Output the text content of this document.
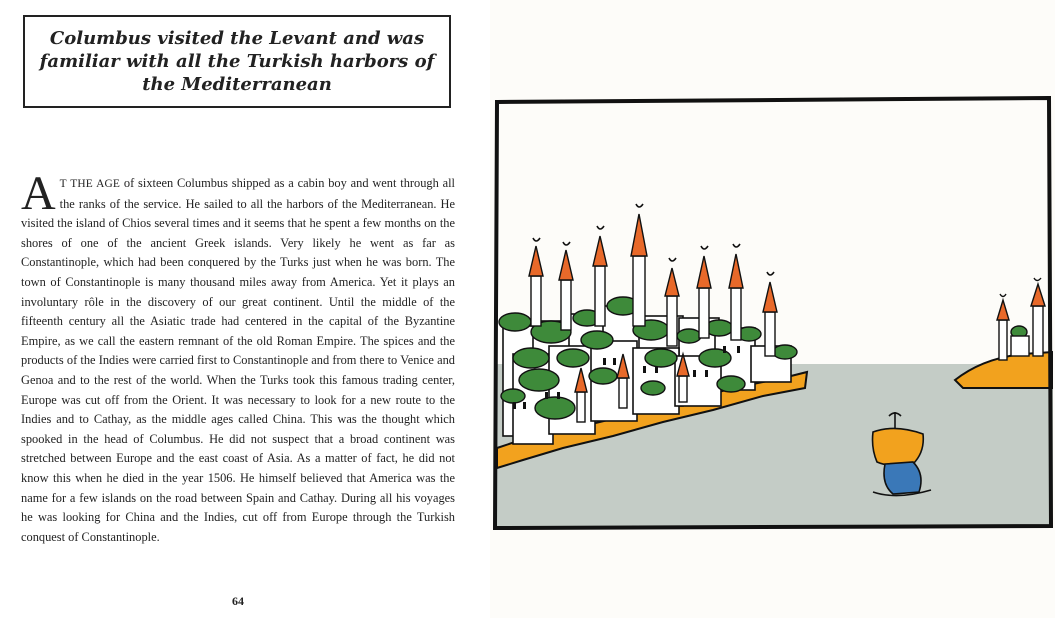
Columbus visited the Levant and was familiar with all the Turkish harbors of the Mediterranean

A T THE AGE of sixteen Columbus shipped as a cabin boy and went through all the ranks of the service. He sailed to all the harbors of the Mediterranean. He visited the island of Chios several times and it seems that he spent a few months on the shores of one of the ancient Greek islands. Very likely he went as far as Constantinople, which had been conquered by the Turks just when he was born. The town of Constantinople is many thousand miles away from America. Yet it plays an involuntary rôle in the discovery of our great continent. Until the middle of the fifteenth century all the Asiatic trade had centered in the capital of the Byzantine Empire, as we call the eastern remnant of the old Roman Empire. The spices and the products of the Indies were carried first to Constantinople and from there to Venice and Genoa and to the rest of the world. When the Turks took this famous trading center, Europe was cut off from the Orient. It was necessary to look for a new route to the Indies and to Cathay, as the middle ages called China. This was the thought which spooked in the head of Columbus. He did not suspect that a broad continent was stretched between Europe and the east coast of Asia. As a matter of fact, he did not know this when he died in the year 1506. He himself believed that America was the name for a few islands on the road between Spain and Cathay. During all his voyages he was looking for China and the Indies, cut off from Europe through the Turkish conquest of Constantinople.

64
